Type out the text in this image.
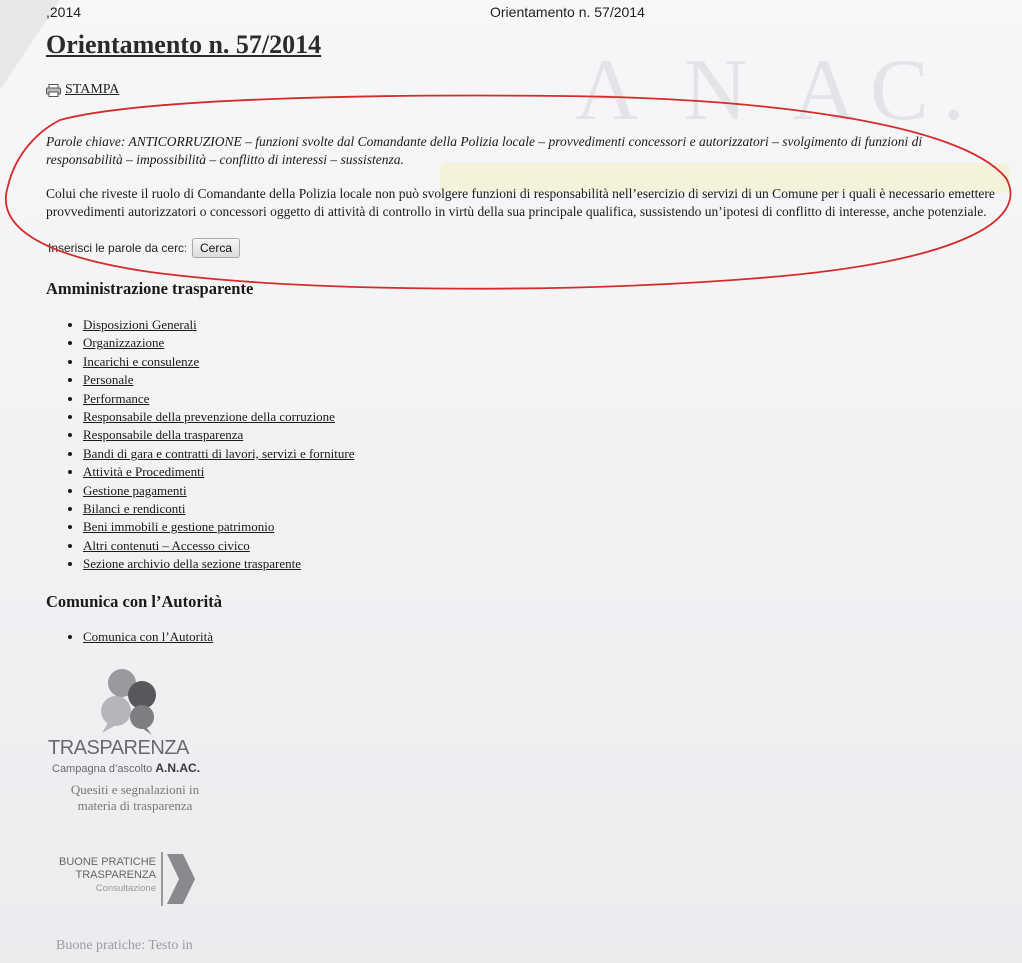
A N AC.
,2014	Orientamento n. 57/2014
Orientamento n. 57/2014
STAMPA

Parole chiave: ANTICORRUZIONE – funzioni svolte dal Comandante della Polizia locale – provvedimenti concessori e autorizzatori – svolgimento di funzioni di responsabilità – impossibilità – conflitto di interessi – sussistenza.

Colui che riveste il ruolo di Comandante della Polizia locale non può svolgere funzioni di responsabilità nell’esercizio di servizi di un Comune per i quali è necessario emettere provvedimenti autorizzatori o concessori oggetto di attività di controllo in virtù della sua principale qualifica, sussistendo un’ipotesi di conflitto di interesse, anche potenziale.

Inserisci le parole da cerc:
Cerca
Amministrazione trasparente
• Disposizioni Generali
• Organizzazione
• Incarichi e consulenze
• Personale
• Performance
• Responsabile della prevenzione della corruzione
• Responsabile della trasparenza
• Bandi di gara e contratti di lavori, servizi e forniture
• Attività e Procedimenti
• Gestione pagamenti
• Bilanci e rendiconti
• Beni immobili e gestione patrimonio
• Altri contenuti – Accesso civico
• Sezione archivio della sezione trasparente
Comunica con l’Autorità
• Comunica con l’Autorità
TRASPARENZA
Campagna d’ascolto A.N.AC.
Quesiti e segnalazioni in materia di trasparenza
BUONE PRATICHE
TRASPARENZA
Consultazione
Buone pratiche: Testo in
